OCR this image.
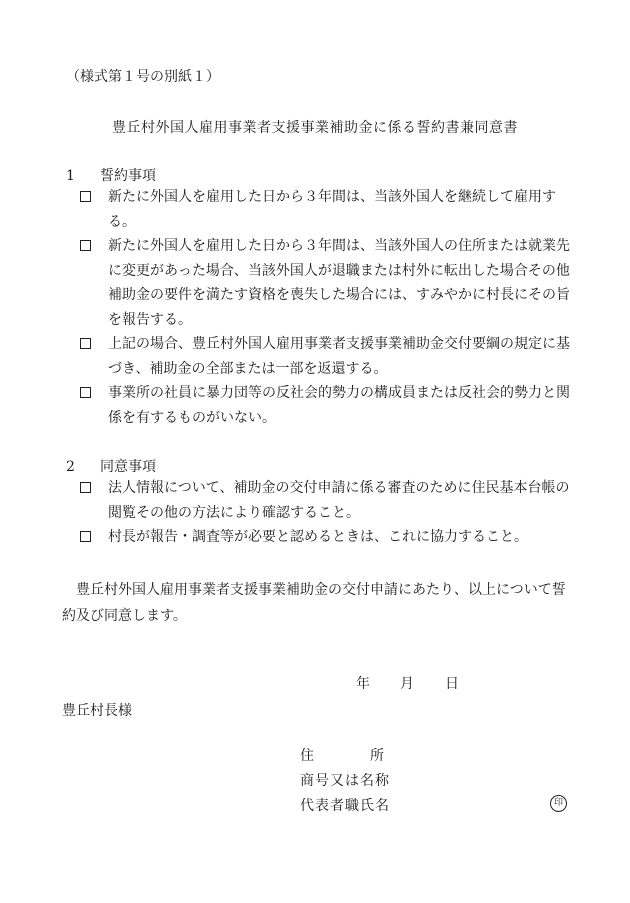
（様式第１号の別紙１）
豊丘村外国人雇用事業者支援事業補助金に係る誓約書兼同意書
1 誓約事項
新たに外国人を雇用した日から３年間は、当該外国人を継続して雇用する。
新たに外国人を雇用した日から３年間は、当該外国人の住所または就業先に変更があった場合、当該外国人が退職または村外に転出した場合その他補助金の要件を満たす資格を喪失した場合には、すみやかに村長にその旨を報告する。
上記の場合、豊丘村外国人雇用事業者支援事業補助金交付要綱の規定に基づき、補助金の全部または一部を返還する。
事業所の社員に暴力団等の反社会的勢力の構成員または反社会的勢力と関係を有するものがいない。
2 同意事項
法人情報について、補助金の交付申請に係る審査のために住民基本台帳の閲覧その他の方法により確認すること。
村長が報告・調査等が必要と認めるときは、これに協力すること。
豊丘村外国人雇用事業者支援事業補助金の交付申請にあたり、以上について誓約及び同意します。
年 月 日
豊丘村長様
住所
商号又は名称
代表者職氏名	印
